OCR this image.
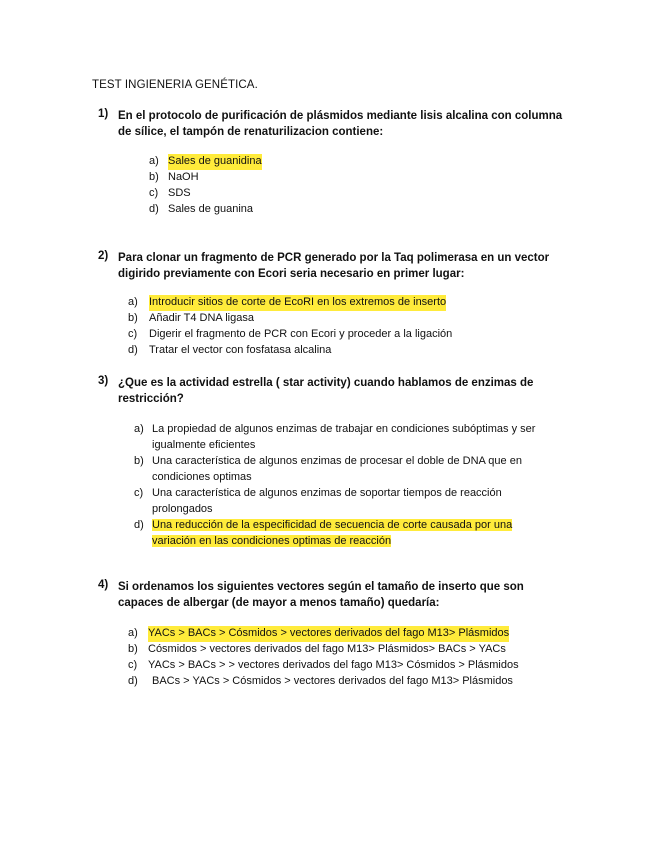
TEST INGIENERIA GENÉTICA.
1) En el protocolo de purificación de plásmidos mediante lisis alcalina con columna de sílice, el tampón de renaturilizacion contiene:
a) Sales de guanidina
b) NaOH
c) SDS
d) Sales de guanina
2) Para clonar un fragmento de PCR generado por la Taq polimerasa en un vector digirido previamente con Ecori seria necesario en primer lugar:
a) Introducir sitios de corte de EcoRI en los extremos de inserto
b) Añadir T4 DNA ligasa
c) Digerir el fragmento de PCR con Ecori y proceder a la ligación
d) Tratar el vector con fosfatasa alcalina
3) ¿Que es la actividad estrella ( star activity) cuando hablamos de enzimas de restricción?
a) La propiedad de algunos enzimas de trabajar en condiciones subóptimas y ser igualmente eficientes
b) Una característica de algunos enzimas de procesar el doble de DNA que en condiciones optimas
c) Una característica de algunos enzimas de soportar tiempos de reacción prolongados
d) Una reducción de la especificidad de secuencia de corte causada por una variación en las condiciones optimas de reacción
4) Si ordenamos los siguientes vectores según el tamaño de inserto que son capaces de albergar (de mayor a menos tamaño) quedaría:
a) YACs > BACs > Cósmidos > vectores derivados del fago M13> Plásmidos
b) Cósmidos > vectores derivados del fago M13> Plásmidos> BACs > YACs
c) YACs > BACs > > vectores derivados del fago M13> Cósmidos > Plásmidos
d) BACs > YACs > Cósmidos > vectores derivados del fago M13> Plásmidos
